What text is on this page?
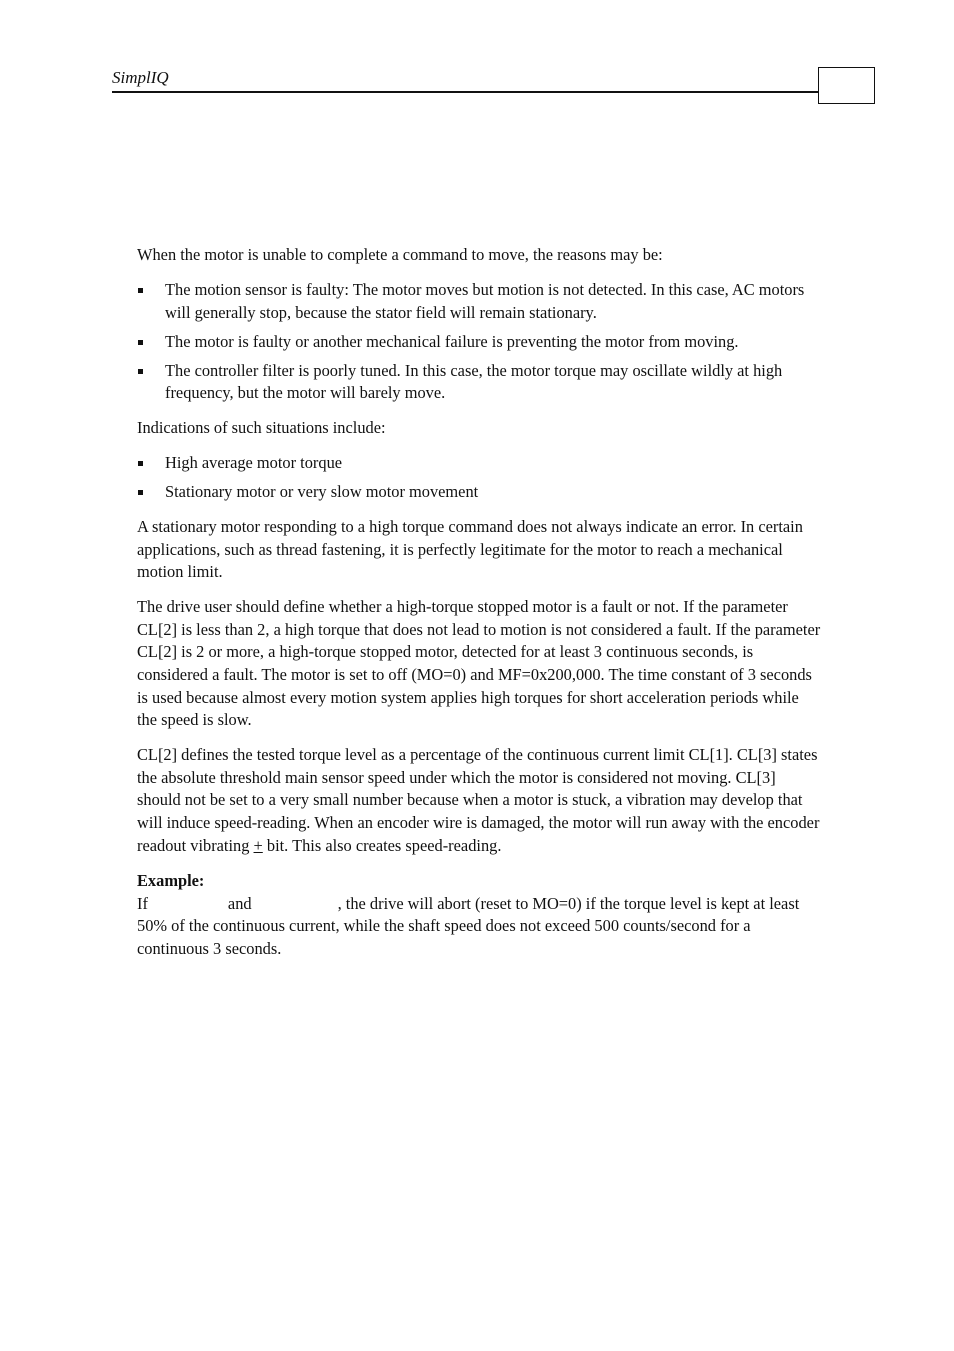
SimplIQ

When the motor is unable to complete a command to move, the reasons may be:

The motion sensor is faulty: The motor moves but motion is not detected. In this case, AC motors will generally stop, because the stator field will remain stationary.
The motor is faulty or another mechanical failure is preventing the motor from moving.
The controller filter is poorly tuned. In this case, the motor torque may oscillate wildly at high frequency, but the motor will barely move.

Indications of such situations include:

High average motor torque
Stationary motor or very slow motor movement

A stationary motor responding to a high torque command does not always indicate an error. In certain applications, such as thread fastening, it is perfectly legitimate for the motor to reach a mechanical motion limit.

The drive user should define whether a high-torque stopped motor is a fault or not. If the parameter CL[2] is less than 2, a high torque that does not lead to motion is not considered a fault. If the parameter CL[2] is 2 or more, a high-torque stopped motor, detected for at least 3 continuous seconds, is considered a fault. The motor is set to off (MO=0) and MF=0x200,000. The time constant of 3 seconds is used because almost every motion system applies high torques for short acceleration periods while the speed is slow.

CL[2] defines the tested torque level as a percentage of the continuous current limit CL[1]. CL[3] states the absolute threshold main sensor speed under which the motor is considered not moving. CL[3] should not be set to a very small number because when a motor is stuck, a vibration may develop that will induce speed-reading. When an encoder wire is damaged, the motor will run away with the encoder readout vibrating + bit. This also creates speed-reading.

Example:
If	and	, the drive will abort (reset to MO=0) if the torque level is kept at least 50% of the continuous current, while the shaft speed does not exceed 500 counts/second for a continuous 3 seconds.
